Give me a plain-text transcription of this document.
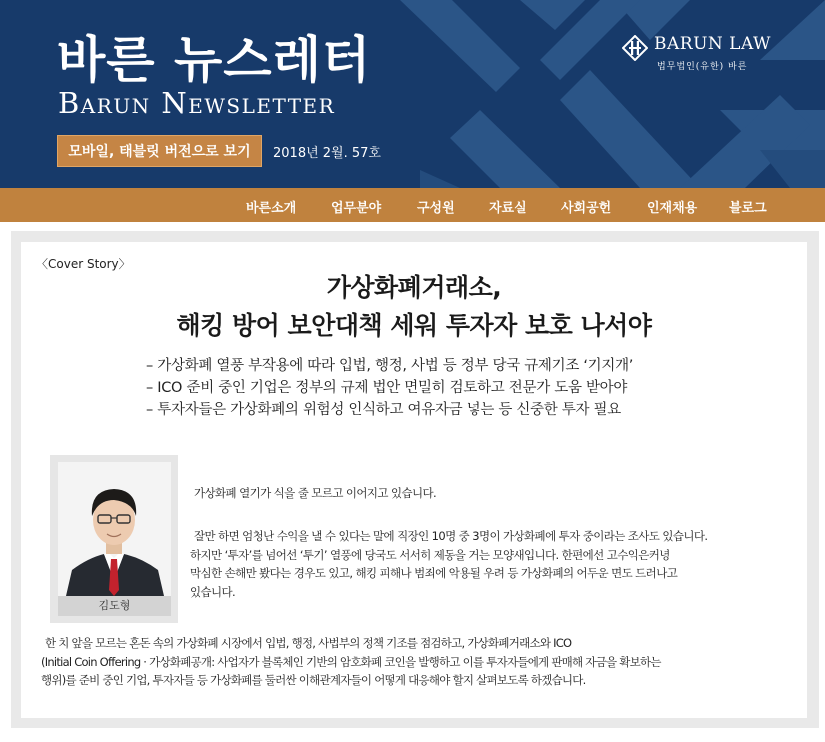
바른 뉴스레터
Barun Newsletter
모바일, 태블릿 버전으로 보기	2018년 2월. 57호
BARUN LAW
법무법인(유한) 바른
바른소개	업무분야	구성원	자료실	사회공헌	인재채용 블로그
〈Cover Story〉
가상화폐거래소,
해킹 방어 보안대책 세워 투자자 보호 나서야
– 가상화폐 열풍 부작용에 따라 입법, 행정, 사법 등 정부 당국 규제기조 ‘기지개’
– ICO 준비 중인 기업은 정부의 규제 법안 면밀히 검토하고 전문가 도움 받아야
– 투자자들은 가상화폐의 위험성 인식하고 여유자금 넣는 등 신중한 투자 필요
김도형
가상화폐 열기가 식을 줄 모르고 이어지고 있습니다.
잘만 하면 엄청난 수익을 낼 수 있다는 말에 직장인 10명 중 3명이 가상화폐에 투자 중이라는 조사도 있습니다.
하지만 ‘투자’를 넘어선 ‘투기’ 열풍에 당국도 서서히 제동을 거는 모양새입니다. 한편에선 고수익은커녕
막심한 손해만 봤다는 경우도 있고, 해킹 피해나 범죄에 악용될 우려 등 가상화폐의 어두운 면도 드러나고
있습니다.
한 치 앞을 모르는 혼돈 속의 가상화폐 시장에서 입법, 행정, 사법부의 정책 기조를 점검하고, 가상화폐거래소와 ICO
(Initial Coin Offering · 가상화폐공개: 사업자가 블록체인 기반의 암호화폐 코인을 발행하고 이를 투자자들에게 판매해 자금을 확보하는
행위)를 준비 중인 기업, 투자자들 등 가상화폐를 둘러싼 이해관계자들이 어떻게 대응해야 할지 살펴보도록 하겠습니다.
